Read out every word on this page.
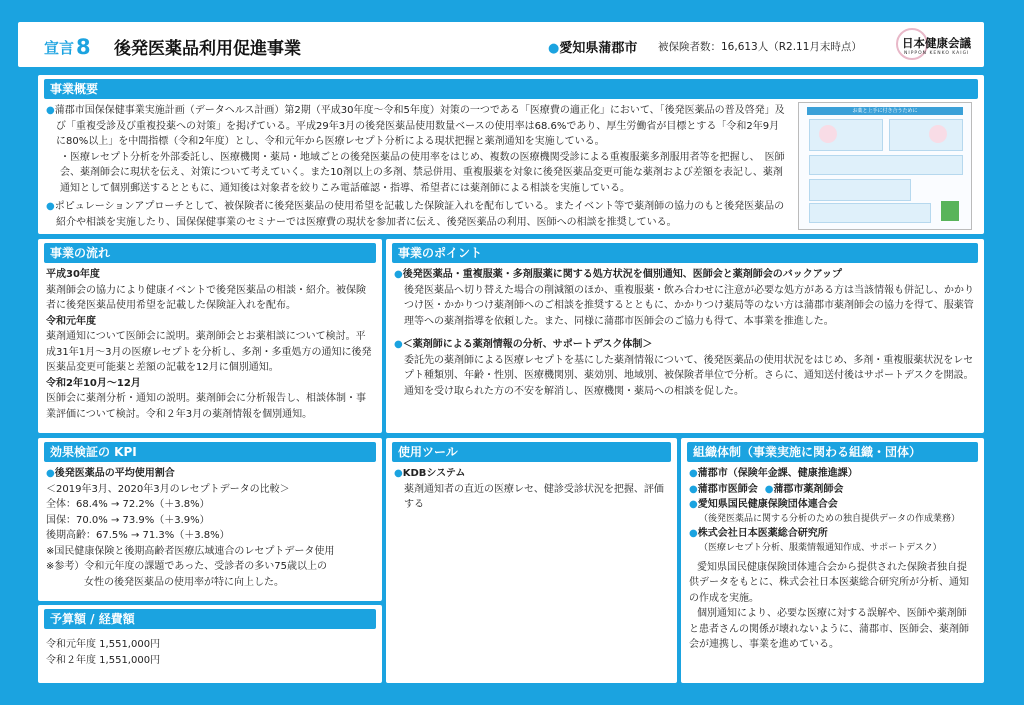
宣言8 後発医薬品利用促進事業	●愛知県蒲郡市 被保険者数：16,613人（R2.11月末時点）	日本健康会議
NIPPON KENKO KAIGI
事業概要

●蒲郡市国保保健事業実施計画（データヘルス計画）第2期（平成30年度～令和5年度）対策の一つである「医療費の適正化」において、「後発医薬品の普及啓発」及び「重複受診及び重複投薬への対策」を掲げている。平成29年3月の後発医薬品使用数量ベースの使用率は68.6%であり、厚生労働省が目標とする「令和2年9月に80%以上」を中間指標（令和2年度）とし、令和元年から医療レセプト分析による現状把握と薬剤通知を実施している。

・医療レセプト分析を外部委託し、医療機関・薬局・地域ごとの後発医薬品の使用率をはじめ、複数の医療機関受診による重複服薬多剤服用者等を把握し、　医師会、薬剤師会に現状を伝え、対策について考えていく。また10剤以上の多剤、禁忌併用、重複服薬を対象に後発医薬品変更可能な薬剤および差額を表記し、薬剤通知として個別郵送するとともに、通知後は対象者を絞りこみ電話確認・指導、希望者には薬剤師による相談を実施している。

●ポピュレーションアプローチとして、被保険者に後発医薬品の使用希望を記載した保険証入れを配布している。またイベント等で薬剤師の協力のもと後発医薬品の紹介や相談を実施したり、国保保健事業のセミナーでは医療費の現状を参加者に伝え、後発医薬品の利用、医師への相談を推奨している。

お薬と上手に付き合うために
事業の流れ

平成30年度

薬剤師会の協力により健康イベントで後発医薬品の相談・紹介。被保険者に後発医薬品使用希望を記載した保険証入れを配布。

令和元年度

薬剤通知について医師会に説明。薬剤師会とお薬相談について検討。平成31年1月～3月の医療レセプトを分析し、多剤・多重処方の通知に後発医薬品変更可能薬と差額の記載を12月に個別通知。

令和2年10月～12月

医師会に薬剤分析・通知の説明。薬剤師会に分析報告し、相談体制・事業評価について検討。令和２年3月の薬剤情報を個別通知。

事業のポイント

●後発医薬品・重複服薬・多剤服薬に関する処方状況を個別通知、医師会と薬剤師会のバックアップ

後発医薬品へ切り替えた場合の削減額のほか、重複服薬・飲み合わせに注意が必要な処方がある方は当該情報も併記し、かかりつけ医・かかりつけ薬剤師へのご相談を推奨するとともに、かかりつけ薬局等のない方は蒲郡市薬剤師会の協力を得て、服薬管理等への薬剤指導を依頼した。また、同様に蒲郡市医師会のご協力も得て、本事業を推進した。

●＜薬剤師による薬剤情報の分析、サポートデスク体制＞

委託先の薬剤師による医療レセプトを基にした薬剤情報について、後発医薬品の使用状況をはじめ、多剤・重複服薬状況をレセプト種類別、年齢・性別、医療機関別、薬効別、地域別、被保険者単位で分析。さらに、通知送付後はサポートデスクを開設。通知を受け取られた方の不安を解消し、医療機関・薬局への相談を促した。

効果検証の KPI

●後発医薬品の平均使用割合

＜2019年3月、2020年3月のレセプトデータの比較＞

全体：68.4% → 72.2%（＋3.8%）

国保：70.0% → 73.9%（＋3.9%）

後期高齢：67.5% → 71.3%（＋3.8%）

※国民健康保険と後期高齢者医療広域連合のレセプトデータ使用

※参考）令和元年度の課題であった、受診者の多い75歳以上の

女性の後発医薬品の使用率が特に向上した。

予算額 / 経費額

令和元年度 1,551,000円

令和２年度 1,551,000円

使用ツール

●KDBシステム

薬剤通知者の直近の医療レセ、健診受診状況を把握、評価する

組織体制（事業実施に関わる組織・団体）

●蒲郡市（保険年金課、健康推進課）

●蒲郡市医師会 ●蒲郡市薬剤師会

●愛知県国民健康保険団体連合会

（後発医薬品に関する分析のための独自提供データの作成業務）

●株式会社日本医薬総合研究所

（医療レセプト分析、服薬情報通知作成、サポートデスク）

愛知県国民健康保険団体連合会から提供された保険者独自提供データをもとに、株式会社日本医薬総合研究所が分析、通知の作成を実施。

個別通知により、必要な医療に対する誤解や、医師や薬剤師と患者さんの関係が壊れないように、蒲郡市、医師会、薬剤師会が連携し、事業を進めている。
